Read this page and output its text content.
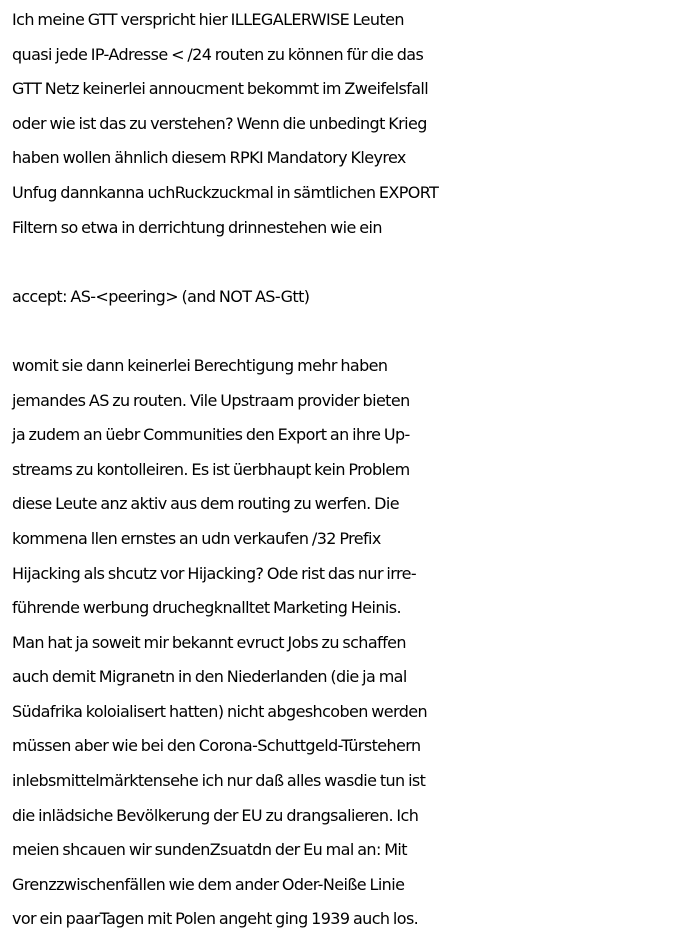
Ich meine GTT verspricht hier ILLEGALERWISE Leuten
quasi jede IP-Adresse < /24 routen zu können für die das
GTT Netz keinerlei annoucment bekommt im Zweifelsfall
oder wie ist das zu verstehen? Wenn die unbedingt Krieg
haben wollen ähnlich diesem RPKI Mandatory Kleyrex
Unfug dannkanna uchRuckzuckmal in sämtlichen EXPORT
Filtern so etwa in derrichtung drinnestehen wie ein
accept: AS-<peering> (and NOT AS-Gtt)
womit sie dann keinerlei Berechtigung mehr haben
jemandes AS zu routen. Vile Upstraam provider bieten
ja zudem an üebr Communities den Export an ihre Up-
streams zu kontolleiren. Es ist üerbhaupt kein Problem
diese Leute anz aktiv aus dem routing zu werfen. Die
kommena llen ernstes an udn verkaufen /32 Prefix
Hijacking als shcutz vor Hijacking? Ode rist das nur irre-
führende werbung druchegknalltet Marketing Heinis.
Man hat ja soweit mir bekannt evruct Jobs zu schaffen
auch demit Migranetn in den Niederlanden (die ja mal
Südafrika koloialisert hatten) nicht abgeshcoben werden
müssen aber wie bei den Corona-Schuttgeld-Türstehern
inlebsmittelmärktensehe ich nur daß alles wasdie tun ist
die inlädsiche Bevölkerung der EU zu drangsalieren. Ich
meien shcauen wir sundenZsuatdn der Eu mal an: Mit
Grenzzwischenfällen wie dem ander Oder-Neiße Linie
vor ein paarTagen mit Polen angeht ging 1939 auch los.
